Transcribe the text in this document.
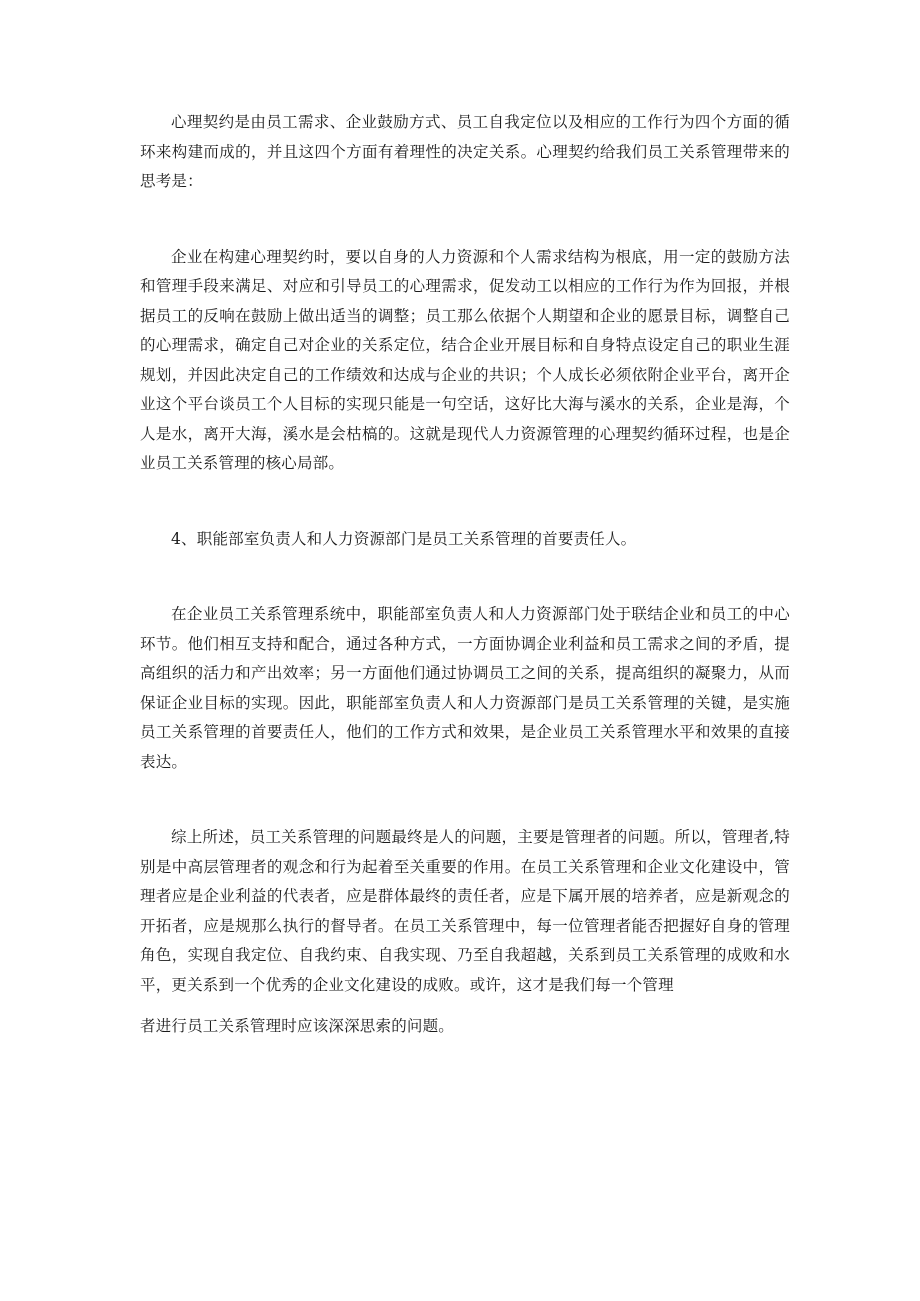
心理契约是由员工需求、企业鼓励方式、员工自我定位以及相应的工作行为四个方面的循环来构建而成的，并且这四个方面有着理性的决定关系。心理契约给我们员工关系管理带来的思考是：

企业在构建心理契约时，要以自身的人力资源和个人需求结构为根底，用一定的鼓励方法和管理手段来满足、对应和引导员工的心理需求，促发动工以相应的工作行为作为回报，并根据员工的反响在鼓励上做出适当的调整；员工那么依据个人期望和企业的愿景目标，调整自己的心理需求，确定自己对企业的关系定位，结合企业开展目标和自身特点设定自己的职业生涯规划，并因此决定自己的工作绩效和达成与企业的共识；个人成长必须依附企业平台，离开企业这个平台谈员工个人目标的实现只能是一句空话，这好比大海与溪水的关系，企业是海，个人是水，离开大海，溪水是会枯槁的。这就是现代人力资源管理的心理契约循环过程，也是企业员工关系管理的核心局部。

4、职能部室负责人和人力资源部门是员工关系管理的首要责任人。

在企业员工关系管理系统中，职能部室负责人和人力资源部门处于联结企业和员工的中心环节。他们相互支持和配合，通过各种方式，一方面协调企业利益和员工需求之间的矛盾，提高组织的活力和产出效率；另一方面他们通过协调员工之间的关系，提高组织的凝聚力，从而保证企业目标的实现。因此，职能部室负责人和人力资源部门是员工关系管理的关键，是实施员工关系管理的首要责任人，他们的工作方式和效果，是企业员工关系管理水平和效果的直接表达。

综上所述，员工关系管理的问题最终是人的问题，主要是管理者的问题。所以，管理者,特别是中高层管理者的观念和行为起着至关重要的作用。在员工关系管理和企业文化建设中，管理者应是企业利益的代表者，应是群体最终的责任者，应是下属开展的培养者，应是新观念的开拓者，应是规那么执行的督导者。在员工关系管理中，每一位管理者能否把握好自身的管理角色，实现自我定位、自我约束、自我实现、乃至自我超越，关系到员工关系管理的成败和水平，更关系到一个优秀的企业文化建设的成败。或许，这才是我们每一个管理

者进行员工关系管理时应该深深思索的问题。
